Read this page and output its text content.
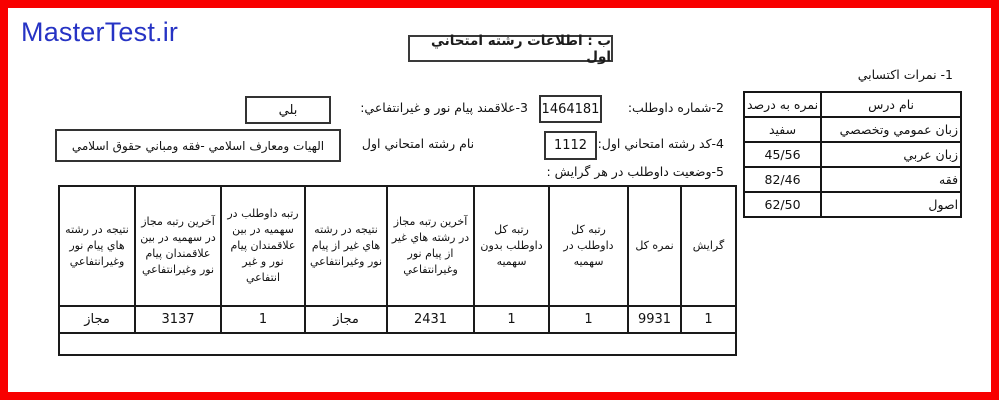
MasterTest.ir	ب : اطلاعات رشته امتحاني اول
1- نمرات اكتسابي
نام درس	نمره به درصد
زبان عمومي وتخصصي	سفيد
زبان عربي	45/56
فقه	82/46
اصول	62/50
2-شماره داوطلب:
1464181
3-علاقمند پيام نور و غيرانتفاعي:
بلي
4-كد رشته امتحاني اول:
1112
نام رشته امتحاني اول
الهيات ومعارف اسلامي -فقه ومباني حقوق اسلامي
5-وضعيت داوطلب در هر گرايش :
گرايش	نمره كل	رتبه كل داوطلب در سهميه	رتبه كل داوطلب بدون سهميه	آخرين رتبه مجاز در رشته هاي غير از پيام نور وغيرانتفاعي	نتيجه در رشته هاي غير از پيام نور وغيرانتفاعي	رتبه داوطلب در سهميه در بين علاقمندان پيام نور و غير انتفاعي	آخرين رتبه مجاز در سهميه در بين علاقمندان پيام نور وغيرانتفاعي	نتيجه در رشته هاي پيام نور وغيرانتفاعي
1	9931	1	1	2431	مجاز	1	3137	مجاز
